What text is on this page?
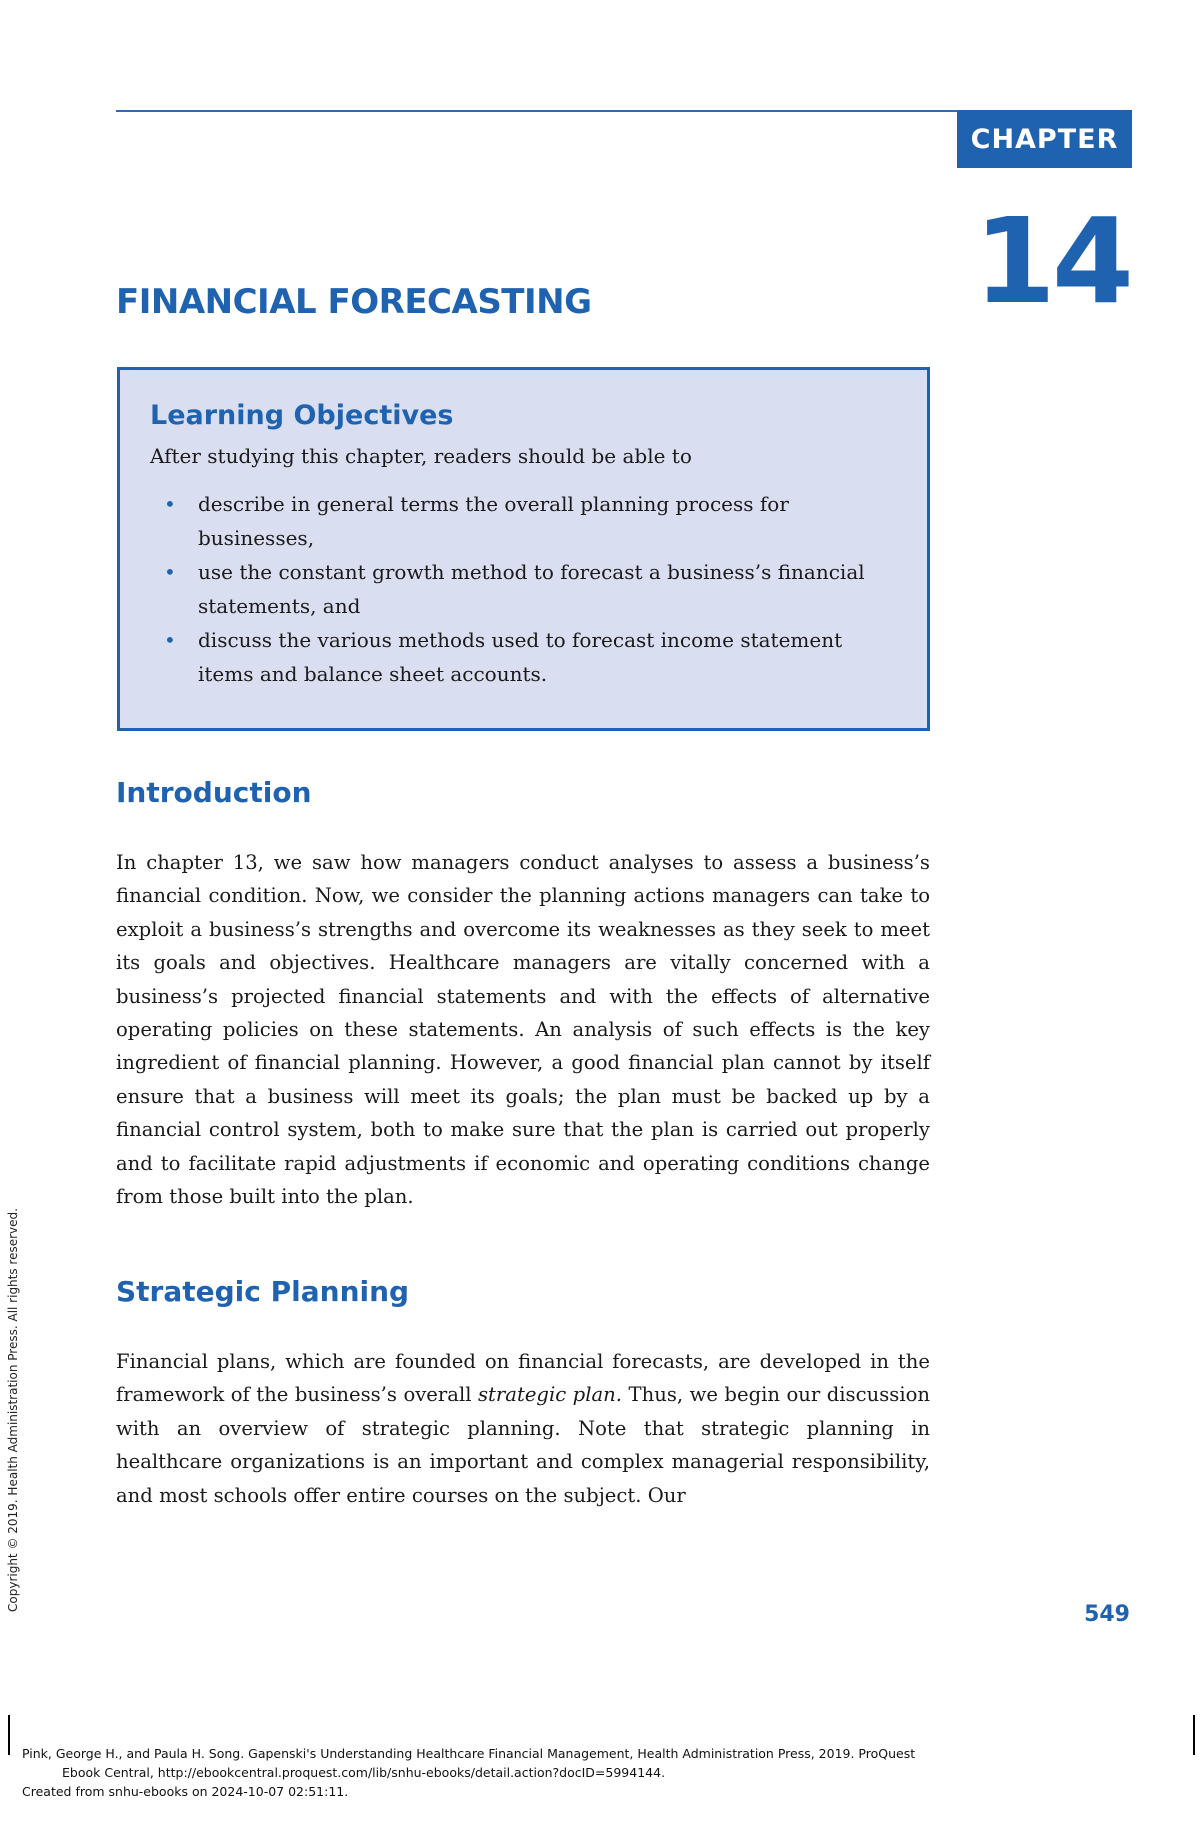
CHAPTER
14
FINANCIAL FORECASTING
Learning Objectives

After studying this chapter, readers should be able to

• describe in general terms the overall planning process for businesses,
• use the constant growth method to forecast a business’s financial statements, and
• discuss the various methods used to forecast income statement items and balance sheet accounts.
Introduction

In chapter 13, we saw how managers conduct analyses to assess a business’s financial condition. Now, we consider the planning actions managers can take to exploit a business’s strengths and overcome its weaknesses as they seek to meet its goals and objectives. Healthcare managers are vitally concerned with a business’s projected financial statements and with the effects of alternative operating policies on these statements. An analysis of such effects is the key ingredient of financial planning. However, a good financial plan cannot by itself ensure that a business will meet its goals; the plan must be backed up by a financial control system, both to make sure that the plan is carried out properly and to facilitate rapid adjustments if economic and operating conditions change from those built into the plan.

Strategic Planning

Financial plans, which are founded on financial forecasts, are developed in the framework of the business’s overall strategic plan. Thus, we begin our discussion with an overview of strategic planning. Note that strategic planning in healthcare organizations is an important and complex managerial responsibility, and most schools offer entire courses on the subject. Our

549
Copyright © 2019. Health Administration Press. All rights reserved.
Pink, George H., and Paula H. Song. Gapenski's Understanding Healthcare Financial Management, Health Administration Press, 2019. ProQuest
Ebook Central, http://ebookcentral.proquest.com/lib/snhu-ebooks/detail.action?docID=5994144.
Created from snhu-ebooks on 2024-10-07 02:51:11.
